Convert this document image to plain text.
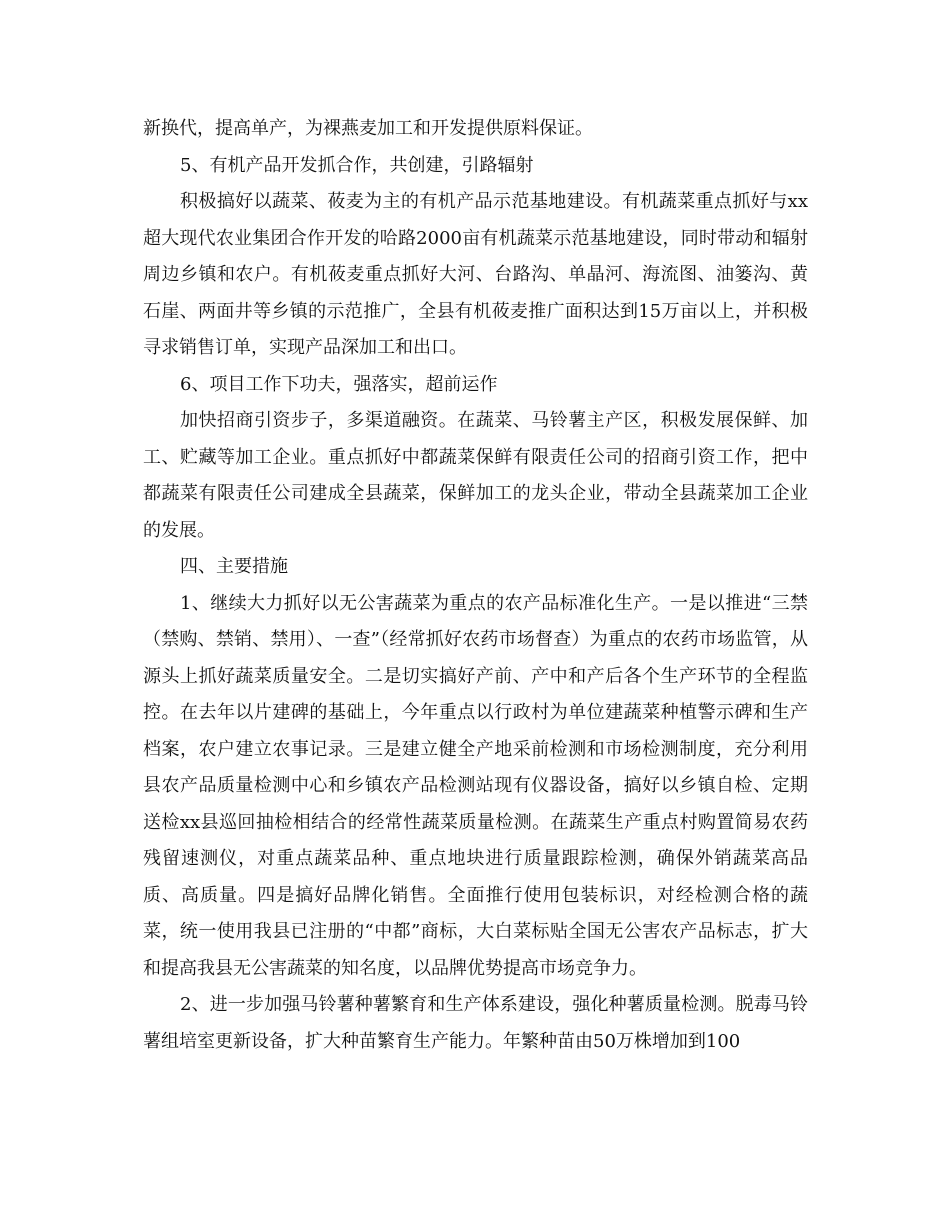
新换代，提高单产，为裸燕麦加工和开发提供原料保证。

5、有机产品开发抓合作，共创建，引路辐射

积极搞好以蔬菜、莜麦为主的有机产品示范基地建设。有机蔬菜重点抓好与xx超大现代农业集团合作开发的哈路2000亩有机蔬菜示范基地建设，同时带动和辐射周边乡镇和农户。有机莜麦重点抓好大河、台路沟、单晶河、海流图、油篓沟、黄石崖、两面井等乡镇的示范推广，全县有机莜麦推广面积达到15万亩以上，并积极寻求销售订单，实现产品深加工和出口。

6、项目工作下功夫，强落实，超前运作

加快招商引资步子，多渠道融资。在蔬菜、马铃薯主产区，积极发展保鲜、加工、贮藏等加工企业。重点抓好中都蔬菜保鲜有限责任公司的招商引资工作，把中都蔬菜有限责任公司建成全县蔬菜，保鲜加工的龙头企业，带动全县蔬菜加工企业的发展。

四、主要措施

1、继续大力抓好以无公害蔬菜为重点的农产品标准化生产。一是以推进“三禁（禁购、禁销、禁用）、一查”（经常抓好农药市场督查）为重点的农药市场监管，从源头上抓好蔬菜质量安全。二是切实搞好产前、产中和产后各个生产环节的全程监控。在去年以片建碑的基础上，今年重点以行政村为单位建蔬菜种植警示碑和生产档案，农户建立农事记录。三是建立健全产地采前检测和市场检测制度，充分利用县农产品质量检测中心和乡镇农产品检测站现有仪器设备，搞好以乡镇自检、定期送检xx县巡回抽检相结合的经常性蔬菜质量检测。在蔬菜生产重点村购置简易农药残留速测仪，对重点蔬菜品种、重点地块进行质量跟踪检测，确保外销蔬菜高品质、高质量。四是搞好品牌化销售。全面推行使用包装标识，对经检测合格的蔬菜，统一使用我县已注册的“中都”商标，大白菜标贴全国无公害农产品标志，扩大和提高我县无公害蔬菜的知名度，以品牌优势提高市场竞争力。

2、进一步加强马铃薯种薯繁育和生产体系建设，强化种薯质量检测。脱毒马铃薯组培室更新设备，扩大种苗繁育生产能力。年繁种苗由50万株增加到100
